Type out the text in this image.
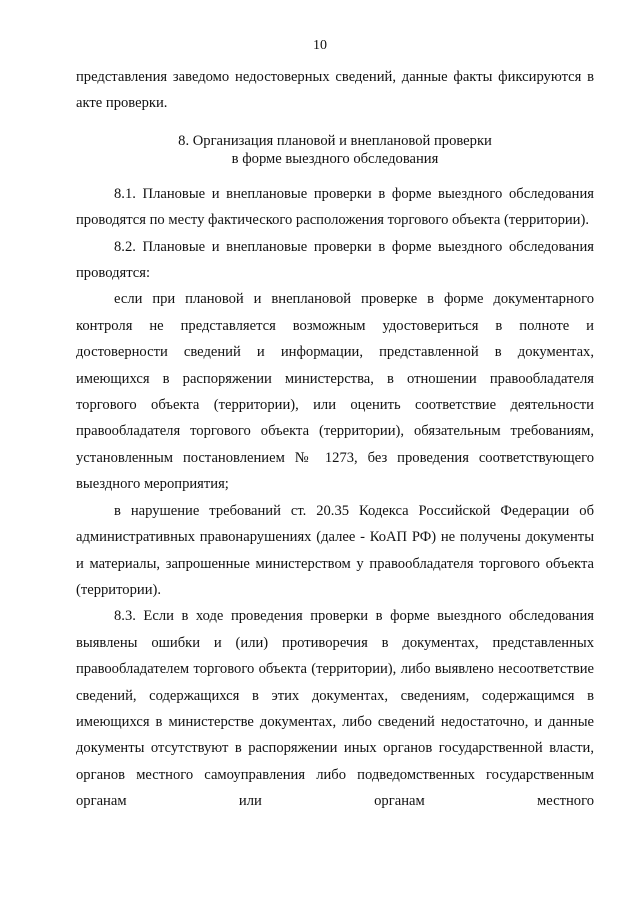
10

представления заведомо недостоверных сведений, данные факты фиксируются в акте проверки.

8. Организация плановой и внеплановой проверки
в форме выездного обследования

8.1. Плановые и внеплановые проверки в форме выездного обследования проводятся по месту фактического расположения торгового объекта (территории).

8.2. Плановые и внеплановые проверки в форме выездного обследования проводятся:

если при плановой и внеплановой проверке в форме документарного контроля не представляется возможным удостовериться в полноте и достоверности сведений и информации, представленной в документах, имеющихся в распоряжении министерства, в отношении правообладателя торгового объекта (территории), или оценить соответствие деятельности правообладателя торгового объекта (территории), обязательным требованиям, установленным постановлением № 1273, без проведения соответствующего выездного мероприятия;

в нарушение требований ст. 20.35 Кодекса Российской Федерации об административных правонарушениях (далее - КоАП РФ) не получены документы и материалы, запрошенные министерством у правообладателя торгового объекта (территории).

8.3. Если в ходе проведения проверки в форме выездного обследования выявлены ошибки и (или) противоречия в документах, представленных правообладателем торгового объекта (территории), либо выявлено несоответствие сведений, содержащихся в этих документах, сведениям, содержащимся в имеющихся в министерстве документах, либо сведений недостаточно, и данные документы отсутствуют в распоряжении иных органов государственной власти, органов местного самоуправления либо подведомственных государственным органам или органам местного
